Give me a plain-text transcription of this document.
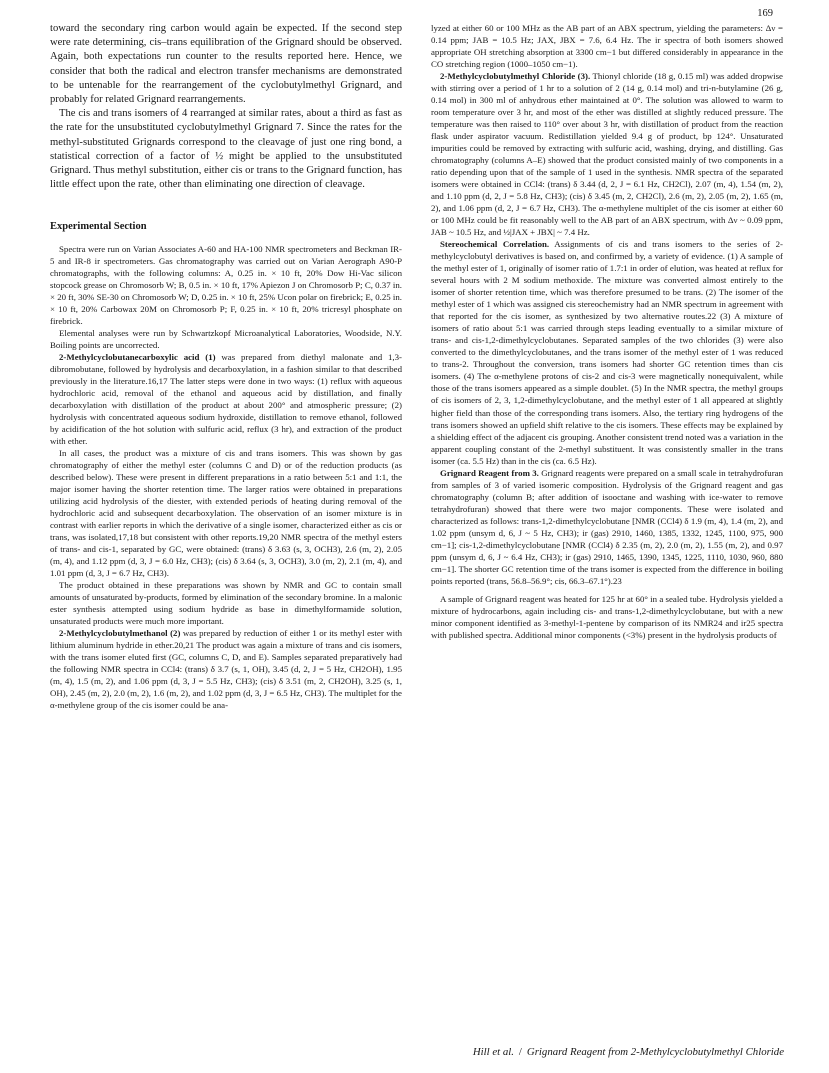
169

toward the secondary ring carbon would again be expected. If the second step were rate determining, cis–trans equilibration of the Grignard should be observed. Again, both expectations run counter to the results reported here. Hence, we consider that both the radical and electron transfer mechanisms are demonstrated to be untenable for the rearrangement of the cyclobutylmethyl Grignard, and probably for related Grignard rearrangements.

The cis and trans isomers of 4 rearranged at similar rates, about a third as fast as the rate for the unsubstituted cyclobutylmethyl Grignard 7. Since the rates for the methyl-substituted Grignards correspond to the cleavage of just one ring bond, a statistical correction of a factor of ½ might be applied to the unsubstituted Grignard. Thus methyl substitution, either cis or trans to the Grignard function, has little effect upon the rate, other than eliminating one direction of cleavage.

Experimental Section

Spectra were run on Varian Associates A-60 and HA-100 NMR spectrometers and Beckman IR-5 and IR-8 ir spectrometers. Gas chromatography was carried out on Varian Aerograph A90-P chromatographs, with the following columns: A, 0.25 in. × 10 ft, 20% Dow Hi-Vac silicon stopcock grease on Chromosorb W; B, 0.5 in. × 10 ft, 17% Apiezon J on Chromosorb P; C, 0.37 in. × 20 ft, 30% SE-30 on Chromosorb W; D, 0.25 in. × 10 ft, 25% Ucon polar on firebrick; E, 0.25 in. × 10 ft, 20% Carbowax 20M on Chromosorb P; F, 0.25 in. × 10 ft, 20% tricresyl phosphate on firebrick.

Elemental analyses were run by Schwartzkopf Microanalytical Laboratories, Woodside, N.Y. Boiling points are uncorrected.

2-Methylcyclobutanecarboxylic acid (1) was prepared from diethyl malonate and 1,3-dibromobutane, followed by hydrolysis and decarboxylation, in a fashion similar to that described previously in the literature.16,17 The latter steps were done in two ways: (1) reflux with aqueous hydrochloric acid, removal of the ethanol and aqueous acid by distillation, and finally decarboxylation with distillation of the product at about 200° and atmospheric pressure; (2) hydrolysis with concentrated aqueous sodium hydroxide, distillation to remove ethanol, followed by acidification of the hot solution with sulfuric acid, reflux (3 hr), and extraction of the product with ether.

In all cases, the product was a mixture of cis and trans isomers. This was shown by gas chromatography of either the methyl ester (columns C and D) or of the reduction products (as described below). These were present in different preparations in a ratio between 5:1 and 1:1, the major isomer having the shorter retention time. The larger ratios were obtained in preparations utilizing acid hydrolysis of the diester, with extended periods of heating during removal of the hydrochloric acid and subsequent decarboxylation. The observation of an isomer mixture is in contrast with earlier reports in which the derivative of a single isomer, characterized either as cis or trans, was isolated,17,18 but consistent with other reports.19,20 NMR spectra of the methyl esters of trans- and cis-1, separated by GC, were obtained: (trans) δ 3.63 (s, 3, OCH3), 2.6 (m, 2), 2.05 (m, 4), and 1.12 ppm (d, 3, J = 6.0 Hz, CH3); (cis) δ 3.64 (s, 3, OCH3), 3.0 (m, 2), 2.1 (m, 4), and 1.01 ppm (d, 3, J = 6.7 Hz, CH3).

The product obtained in these preparations was shown by NMR and GC to contain small amounts of unsaturated by-products, formed by elimination of the secondary bromine. In a malonic ester synthesis attempted using sodium hydride as base in dimethylformamide solution, unsaturated products were much more important.

2-Methylcyclobutylmethanol (2) was prepared by reduction of either 1 or its methyl ester with lithium aluminum hydride in ether.20,21 The product was again a mixture of trans and cis isomers, with the trans isomer eluted first (GC, columns C, D, and E). Samples separated preparatively had the following NMR spectra in CCl4: (trans) δ 3.7 (s, 1, OH), 3.45 (d, 2, J = 5 Hz, CH2OH), 1.95 (m, 4), 1.5 (m, 2), and 1.06 ppm (d, 3, J = 5.5 Hz, CH3); (cis) δ 3.51 (m, 2, CH2OH), 3.25 (s, 1, OH), 2.45 (m, 2), 2.0 (m, 2), 1.6 (m, 2), and 1.02 ppm (d, 3, J = 6.5 Hz, CH3). The multiplet for the α-methylene group of the cis isomer could be ana-

lyzed at either 60 or 100 MHz as the AB part of an ABX spectrum, yielding the parameters: Δν = 0.14 ppm; JAB = 10.5 Hz; JAX, JBX = 7.6, 6.4 Hz. The ir spectra of both isomers showed appropriate OH stretching absorption at 3300 cm−1 but differed considerably in appearance in the CO stretching region (1000–1050 cm−1).

2-Methylcyclobutylmethyl Chloride (3). Thionyl chloride (18 g, 0.15 ml) was added dropwise with stirring over a period of 1 hr to a solution of 2 (14 g, 0.14 mol) and tri-n-butylamine (26 g, 0.14 mol) in 300 ml of anhydrous ether maintained at 0°. The solution was allowed to warm to room temperature over 3 hr, and most of the ether was distilled at slightly reduced pressure. The temperature was then raised to 110° over about 3 hr, with distillation of product from the reaction flask under aspirator vacuum. Redistillation yielded 9.4 g of product, bp 124°. Unsaturated impurities could be removed by extracting with sulfuric acid, washing, drying, and distilling. Gas chromatography (columns A–E) showed that the product consisted mainly of two components in a ratio depending upon that of the sample of 1 used in the synthesis. NMR spectra of the separated isomers were obtained in CCl4: (trans) δ 3.44 (d, 2, J = 6.1 Hz, CH2Cl), 2.07 (m, 4), 1.54 (m, 2), and 1.10 ppm (d, 2, J = 5.8 Hz, CH3); (cis) δ 3.45 (m, 2, CH2Cl), 2.6 (m, 2), 2.05 (m, 2), 1.65 (m, 2), and 1.06 ppm (d, 2, J = 6.7 Hz, CH3). The α-methylene multiplet of the cis isomer at either 60 or 100 MHz could be fit reasonably well to the AB part of an ABX spectrum, with Δν ~ 0.09 ppm, JAB ~ 10.5 Hz, and ½|JAX + JBX| ~ 7.4 Hz.

Stereochemical Correlation. Assignments of cis and trans isomers to the series of 2-methylcyclobutyl derivatives is based on, and confirmed by, a variety of evidence. (1) A sample of the methyl ester of 1, originally of isomer ratio of 1.7:1 in order of elution, was heated at reflux for several hours with 2 M sodium methoxide. The mixture was converted almost entirely to the isomer of shorter retention time, which was therefore presumed to be trans. (2) The isomer of the methyl ester of 1 which was assigned cis stereochemistry had an NMR spectrum in agreement with that reported for the cis isomer, as synthesized by two alternative routes.22 (3) A mixture of isomers of ratio about 5:1 was carried through steps leading eventually to a similar mixture of trans- and cis-1,2-dimethylcyclobutanes. Separated samples of the two chlorides (3) were also converted to the dimethylcyclobutanes, and the trans isomer of the methyl ester of 1 was reduced to trans-2. Throughout the conversion, trans isomers had shorter GC retention times than cis isomers. (4) The α-methylene protons of cis-2 and cis-3 were magnetically nonequivalent, while those of the trans isomers appeared as a simple doublet. (5) In the NMR spectra, the methyl groups of cis isomers of 2, 3, 1,2-dimethylcyclobutane, and the methyl ester of 1 all appeared at slightly higher field than those of the corresponding trans isomers. Also, the tertiary ring hydrogens of the trans isomers showed an upfield shift relative to the cis isomers. These effects may be explained by a shielding effect of the adjacent cis grouping. Another consistent trend noted was a variation in the apparent coupling constant of the 2-methyl substituent. It was consistently smaller in the trans isomer (ca. 5.5 Hz) than in the cis (ca. 6.5 Hz).

Grignard Reagent from 3. Grignard reagents were prepared on a small scale in tetrahydrofuran from samples of 3 of varied isomeric composition. Hydrolysis of the Grignard reagent and gas chromatography (column B; after addition of isooctane and washing with ice-water to remove tetrahydrofuran) showed that there were two major components. These were isolated and characterized as follows: trans-1,2-dimethylcyclobutane [NMR (CCl4) δ 1.9 (m, 4), 1.4 (m, 2), and 1.02 ppm (unsym d, 6, J ~ 5 Hz, CH3); ir (gas) 2910, 1460, 1385, 1332, 1245, 1100, 975, 900 cm−1]; cis-1,2-dimethylcyclobutane [NMR (CCl4) δ 2.35 (m, 2), 2.0 (m, 2), 1.55 (m, 2), and 0.97 ppm (unsym d, 6, J ~ 6.4 Hz, CH3); ir (gas) 2910, 1465, 1390, 1345, 1225, 1110, 1030, 960, 880 cm−1]. The shorter GC retention time of the trans isomer is expected from the difference in boiling points reported (trans, 56.8–56.9°; cis, 66.3–67.1°).23

A sample of Grignard reagent was heated for 125 hr at 60° in a sealed tube. Hydrolysis yielded a mixture of hydrocarbons, again including cis- and trans-1,2-dimethylcyclobutane, but with a new minor component identified as 3-methyl-1-pentene by comparison of its NMR24 and ir25 spectra with published spectra. Additional minor components (<3%) present in the hydrolysis products of

Hill et al. / Grignard Reagent from 2-Methylcyclobutylmethyl Chloride
